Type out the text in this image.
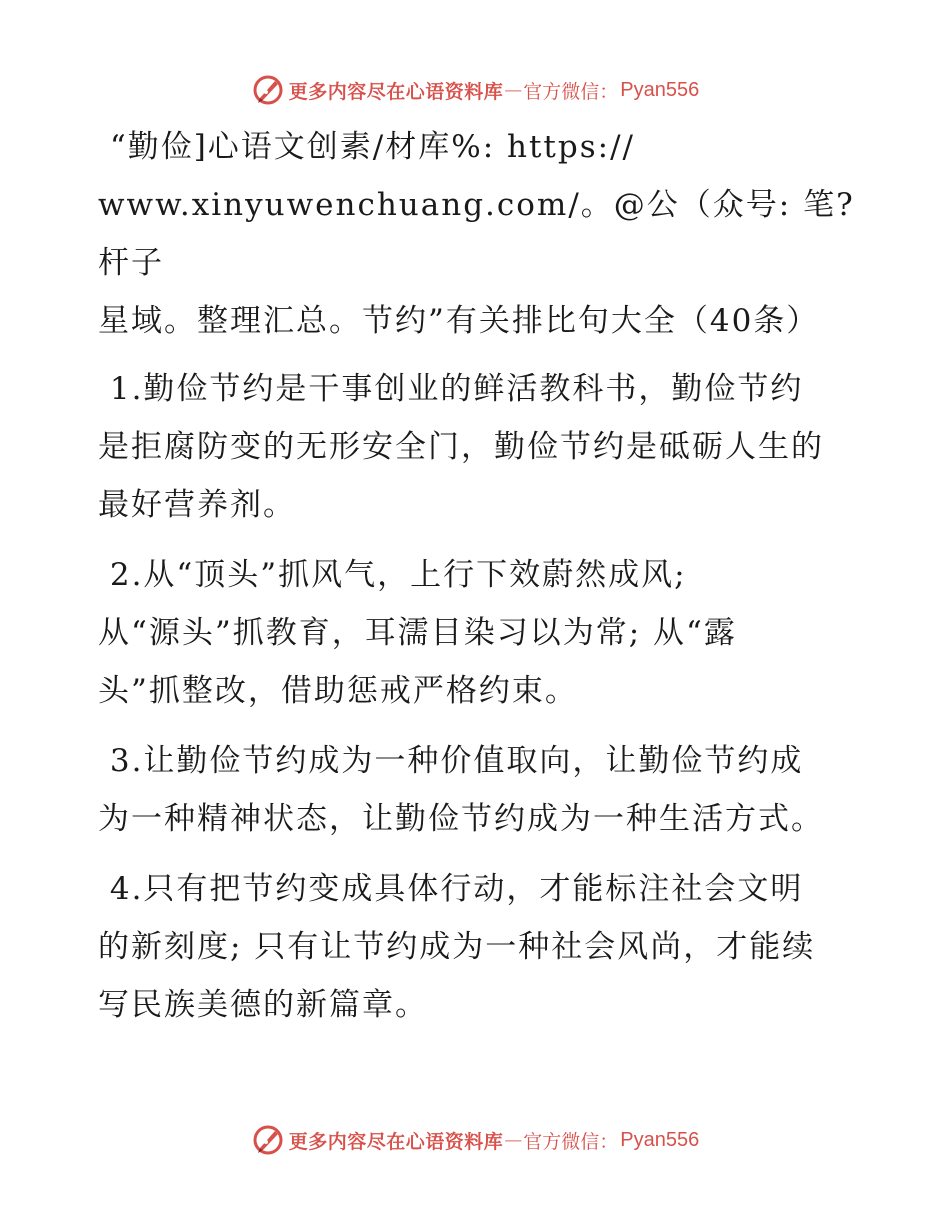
更多内容尽在心语资料库 — 官方微信： Pyan556

“勤俭]心语文创素/材库%: https://
www.xinyuwenchuang.com/。@公（众号: 笔?杆子
星域。整理汇总。节约”有关排比句大全（40条）

1.勤俭节约是干事创业的鲜活教科书，勤俭节约
是拒腐防变的无形安全门，勤俭节约是砥砺人生的
最好营养剂。

2.从“顶头”抓风气，上行下效蔚然成风;
从“源头”抓教育，耳濡目染习以为常; 从“露
头”抓整改，借助惩戒严格约束。

3.让勤俭节约成为一种价值取向，让勤俭节约成
为一种精神状态，让勤俭节约成为一种生活方式。

4.只有把节约变成具体行动，才能标注社会文明
的新刻度; 只有让节约成为一种社会风尚，才能续
写民族美德的新篇章。

更多内容尽在心语资料库 — 官方微信： Pyan556
